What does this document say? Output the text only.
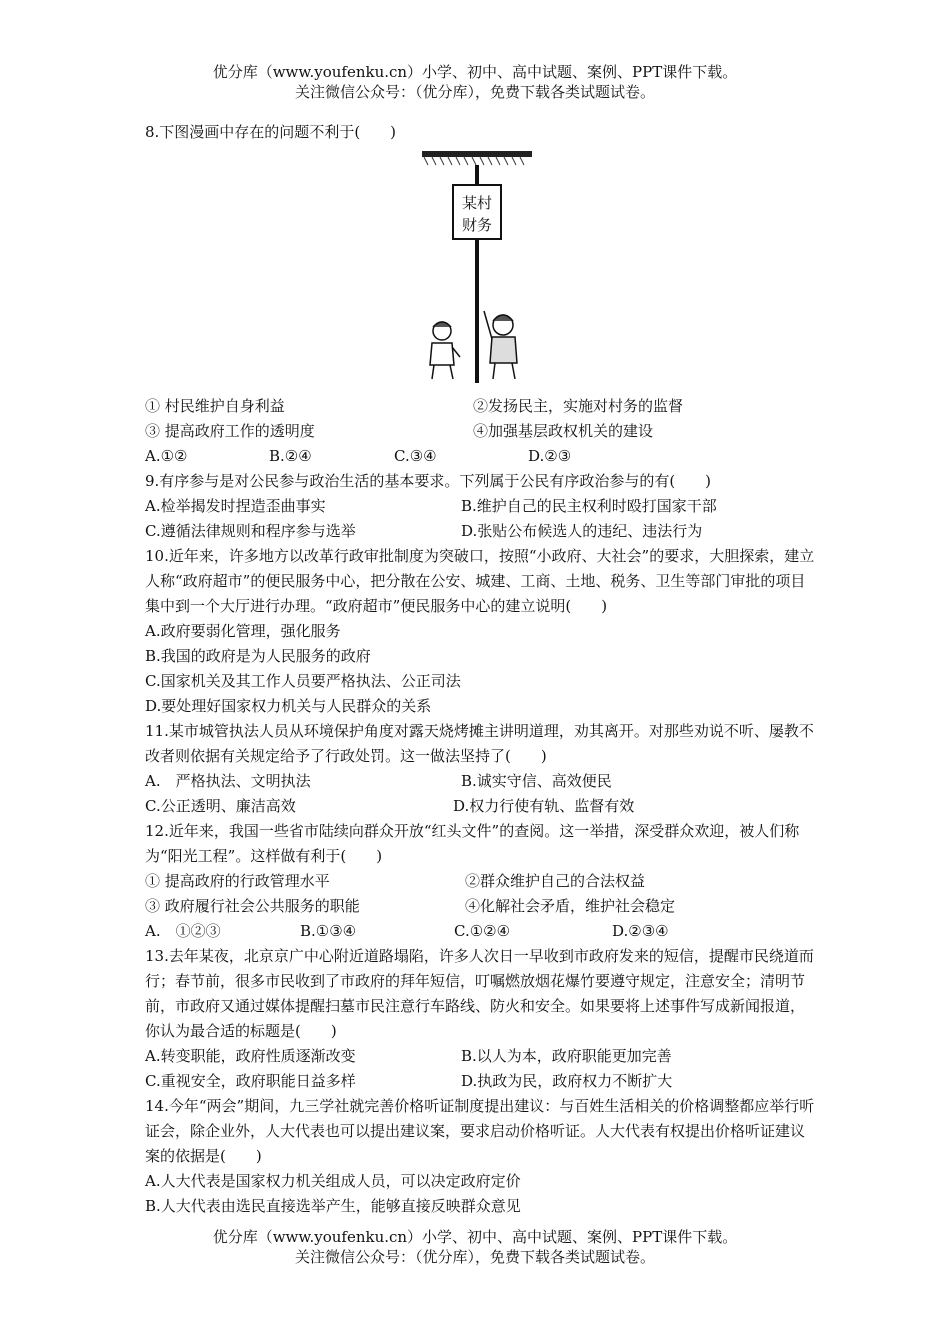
优分库（www.youfenku.cn）小学、初中、高中试题、案例、PPT课件下载。
关注微信公众号：（优分库），免费下载各类试题试卷。
8.下图漫画中存在的问题不利于(　　)
某村
财务
① 村民维护自身利益	②发扬民主，实施对村务的监督
③ 提高政府工作的透明度	④加强基层政权机关的建设
A.①②	B.②④	C.③④	D.②③
9.有序参与是对公民参与政治生活的基本要求。下列属于公民有序政治参与的有(　　)
A.检举揭发时捏造歪曲事实	B.维护自己的民主权利时殴打国家干部
C.遵循法律规则和程序参与选举	D.张贴公布候选人的违纪、违法行为
10.近年来，许多地方以改革行政审批制度为突破口，按照“小政府、大社会”的要求，大胆探索，建立人称“政府超市”的便民服务中心，把分散在公安、城建、工商、土地、税务、卫生等部门审批的项目集中到一个大厅进行办理。“政府超市”便民服务中心的建立说明(　　)
A.政府要弱化管理，强化服务
B.我国的政府是为人民服务的政府
C.国家机关及其工作人员要严格执法、公正司法
D.要处理好国家权力机关与人民群众的关系
11.某市城管执法人员从环境保护角度对露天烧烤摊主讲明道理，劝其离开。对那些劝说不听、屡教不改者则依据有关规定给予了行政处罚。这一做法坚持了(　　)
A.　严格执法、文明执法	B.诚实守信、高效便民
C.公正透明、廉洁高效	D.权力行使有轨、监督有效
12.近年来，我国一些省市陆续向群众开放“红头文件”的查阅。这一举措，深受群众欢迎，被人们称为“阳光工程”。这样做有利于(　　)
① 提高政府的行政管理水平	②群众维护自己的合法权益
③ 政府履行社会公共服务的职能	④化解社会矛盾，维护社会稳定
A.　①②③	B.①③④	C.①②④	D.②③④
13.去年某夜，北京京广中心附近道路塌陷，许多人次日一早收到市政府发来的短信，提醒市民绕道而行；春节前，很多市民收到了市政府的拜年短信，叮嘱燃放烟花爆竹要遵守规定，注意安全；清明节前，市政府又通过媒体提醒扫墓市民注意行车路线、防火和安全。如果要将上述事件写成新闻报道，你认为最合适的标题是(　　)
A.转变职能，政府性质逐渐改变	B.以人为本，政府职能更加完善
C.重视安全，政府职能日益多样	D.执政为民，政府权力不断扩大
14.今年“两会”期间，九三学社就完善价格听证制度提出建议：与百姓生活相关的价格调整都应举行听证会，除企业外，人大代表也可以提出建议案，要求启动价格听证。人大代表有权提出价格听证建议案的依据是(　　)
A.人大代表是国家权力机关组成人员，可以决定政府定价
B.人大代表由选民直接选举产生，能够直接反映群众意见
优分库（www.youfenku.cn）小学、初中、高中试题、案例、PPT课件下载。
关注微信公众号：（优分库），免费下载各类试题试卷。
